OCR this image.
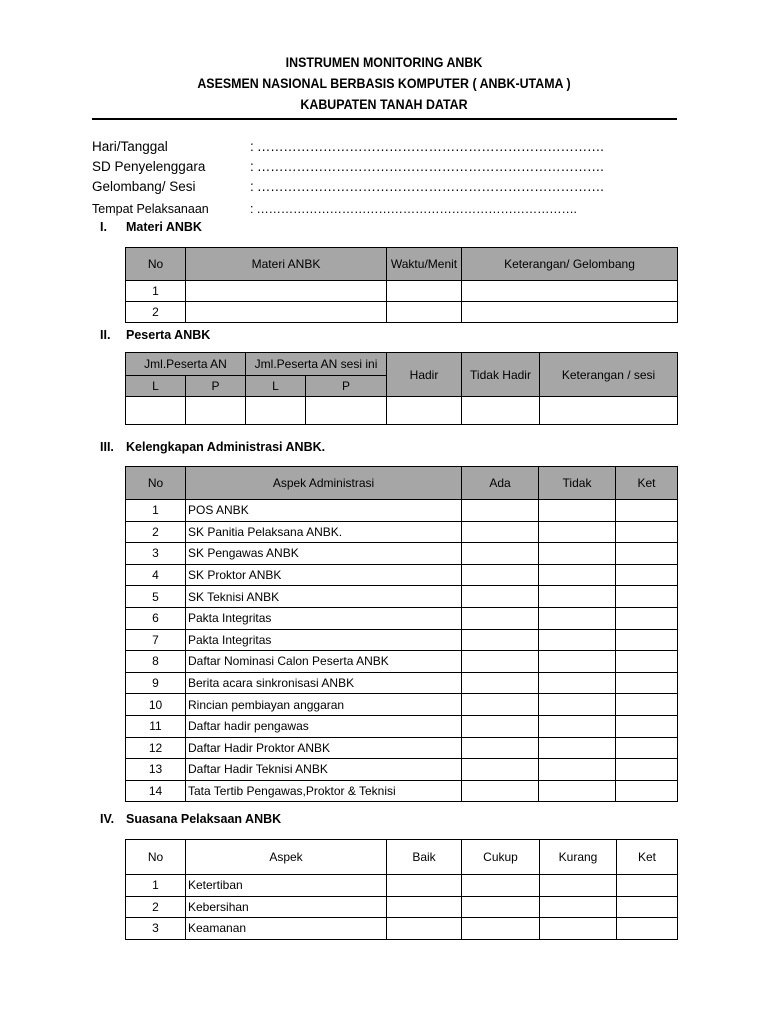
INSTRUMEN MONITORING ANBK
ASESMEN NASIONAL BERBASIS KOMPUTER ( ANBK-UTAMA )
KABUPATEN TANAH DATAR
Hari/Tanggal	: …………………………………………………………………….
SD Penyelenggara	: …………………………………………………………………….
Gelombang/ Sesi	: …………………………………………………………………….
Tempat Pelaksanaan	: …………………………………………………………………….
I. Materi ANBK
No	Materi ANBK	Waktu/Menit	Keterangan/ Gelombang
1			
2			
II. Peserta ANBK
Jml.Peserta AN		Jml.Peserta AN sesi ini		Hadir	Tidak Hadir	Keterangan / sesi
L	P	L	P			

III. Kelengkapan Administrasi ANBK.
No	Aspek Administrasi	Ada	Tidak	Ket
1	POS ANBK			
2	SK Panitia Pelaksana ANBK.			
3	SK Pengawas ANBK			
4	SK Proktor ANBK			
5	SK Teknisi ANBK			
6	Pakta Integritas			
7	Pakta Integritas			
8	Daftar Nominasi Calon Peserta ANBK			
9	Berita acara sinkronisasi ANBK			
10	Rincian pembiayan anggaran			
11	Daftar hadir pengawas			
12	Daftar Hadir Proktor ANBK			
13	Daftar Hadir Teknisi ANBK			
14	Tata Tertib Pengawas,Proktor & Teknisi			
IV. Suasana Pelaksaan ANBK
No	Aspek	Baik	Cukup	Kurang	Ket
1	Ketertiban				
2	Kebersihan				
3	Keamanan				
